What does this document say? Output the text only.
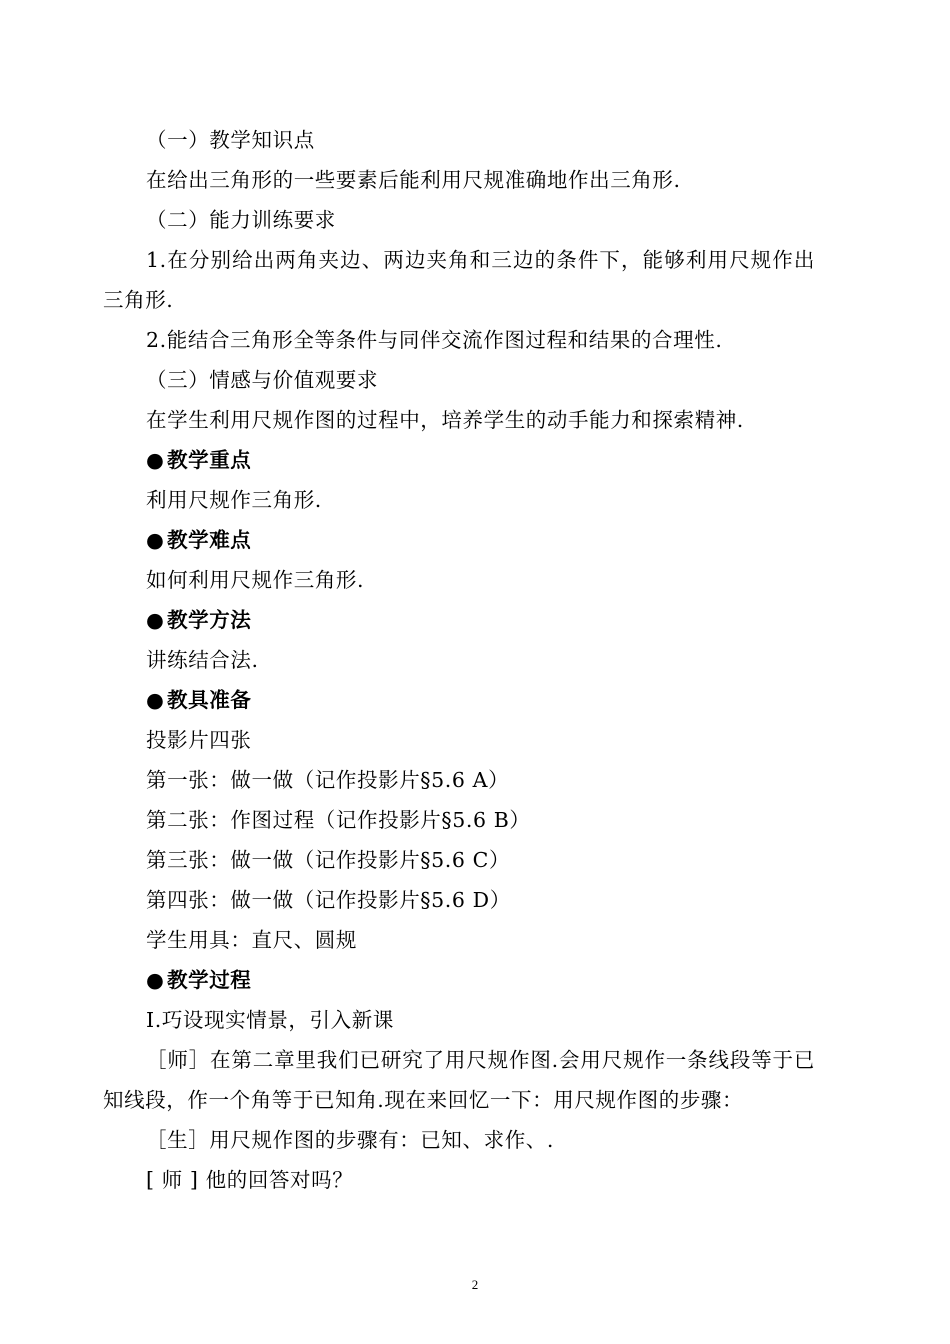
（一）教学知识点
在给出三角形的一些要素后能利用尺规准确地作出三角形.
（二）能力训练要求
1.在分别给出两角夹边、两边夹角和三边的条件下，能够利用尺规作出三角形.
2.能结合三角形全等条件与同伴交流作图过程和结果的合理性.
（三）情感与价值观要求
在学生利用尺规作图的过程中，培养学生的动手能力和探索精神.
● 教学重点
利用尺规作三角形.
● 教学难点
如何利用尺规作三角形.
● 教学方法
讲练结合法.
● 教具准备
投影片四张
第一张：做一做（记作投影片§5.6 A）
第二张：作图过程（记作投影片§5.6 B）
第三张：做一做（记作投影片§5.6 C）
第四张：做一做（记作投影片§5.6 D）
学生用具：直尺、圆规
● 教学过程
Ⅰ.巧设现实情景，引入新课
［师］在第二章里我们已研究了用尺规作图.会用尺规作一条线段等于已知线段，作一个角等于已知角.现在来回忆一下：用尺规作图的步骤：
［生］用尺规作图的步骤有：已知、求作、.
[ 师 ] 他的回答对吗？
2
